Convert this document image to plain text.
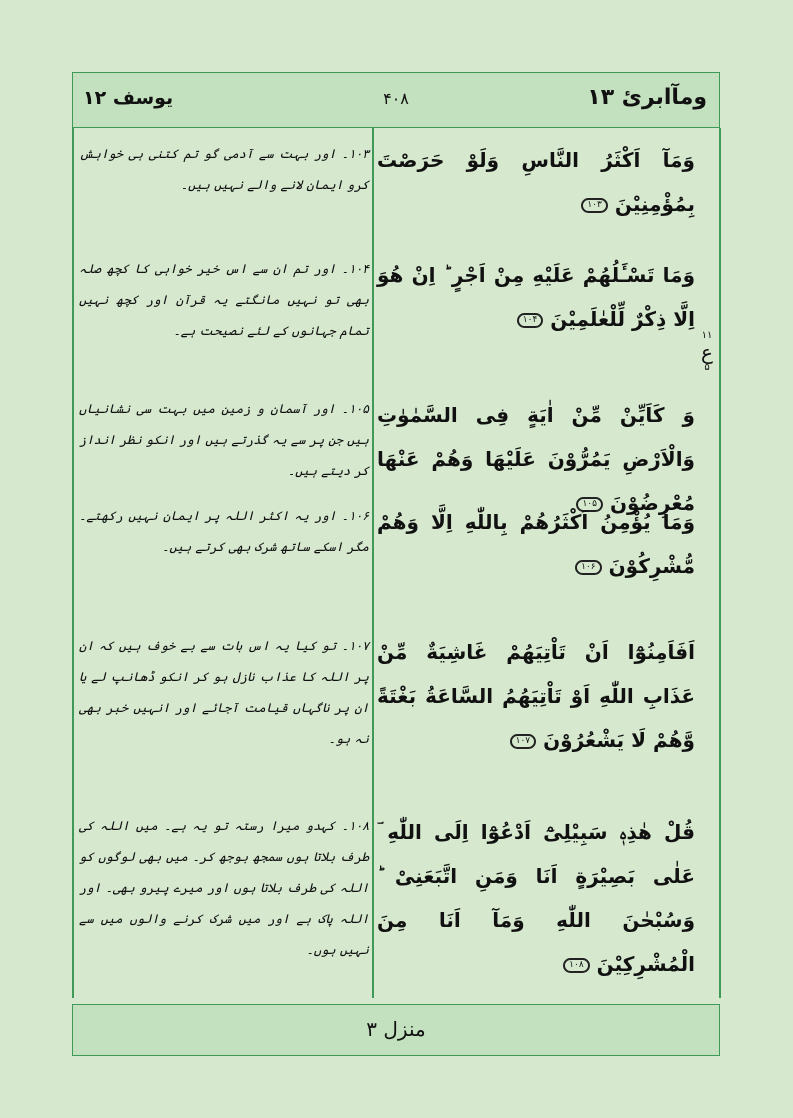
ومآابرئ ۱۳
۴۰۸
یوسف ۱۲
۱۰۳۔ اور بہت سے آدمی گو تم کتنی ہی خواہش کرو ایمان لانے والے نہیں ہیں۔
وَمَآ اَكْثَرُ النَّاسِ وَلَوْ حَرَصْتَ بِمُؤْمِنِيْنَ ۱۰۳
۱۰۴۔ اور تم ان سے اس خیر خواہی کا کچھ صلہ بھی تو نہیں مانگتے یہ قرآن اور کچھ نہیں تمام جہانوں کے لئے نصیحت ہے۔
وَمَا تَسْـَٔلُهُمْ عَلَيْهِ مِنْ اَجْرٍ ؕ اِنْ هُوَ اِلَّا ذِكْرٌ لِّلْعٰلَمِيْنَ ۱۰۴
۱۱
ع
۵
۱۰۵۔ اور آسمان و زمین میں بہت سی نشانیاں ہیں جن پر سے یہ گذرتے ہیں اور انکو نظر انداز کر دیتے ہیں۔
وَ كَاَيِّنْ مِّنْ اٰيَةٍ فِى السَّمٰوٰتِ وَالْاَرْضِ يَمُرُّوْنَ عَلَيْهَا وَهُمْ عَنْهَا مُعْرِضُوْنَ ۱۰۵
۱۰۶۔ اور یہ اکثر اللہ پر ایمان نہیں رکھتے۔ مگر اسکے ساتھ شرک بھی کرتے ہیں۔
وَمَا يُؤْمِنُ اَكْثَرُهُمْ بِاللّٰهِ اِلَّا وَهُمْ مُّشْرِكُوْنَ ۱۰۶
۱۰۷۔ تو کیا یہ اس بات سے بے خوف ہیں کہ ان پر اللہ کا عذاب نازل ہو کر انکو ڈھانپ لے یا ان پر ناگہاں قیامت آجائے اور انہیں خبر بھی نہ ہو۔
اَفَاَمِنُوْٓا اَنْ تَاْتِيَهُمْ غَاشِيَةٌ مِّنْ عَذَابِ اللّٰهِ اَوْ تَاْتِيَهُمُ السَّاعَةُ بَغْتَةً وَّهُمْ لَا يَشْعُرُوْنَ ۱۰۷
۱۰۸۔ کہدو میرا رستہ تو یہ ہے۔ میں اللہ کی طرف بلاتا ہوں سمجھ بوجھ کر۔ میں بھی لوگوں کو اللہ کی طرف بلاتا ہوں اور میرے پیرو بھی۔ اور اللہ پاک ہے اور میں شرک کرنے والوں میں سے نہیں ہوں۔
قُلْ هٰذِهٖ سَبِيْلِىْٓ اَدْعُوْٓا اِلَى اللّٰهِ ؔ عَلٰى بَصِيْرَةٍ اَنَا وَمَنِ اتَّبَعَنِىْ ؕ وَسُبْحٰنَ اللّٰهِ وَمَآ اَنَا مِنَ الْمُشْرِكِيْنَ ۱۰۸
منزل ۳
